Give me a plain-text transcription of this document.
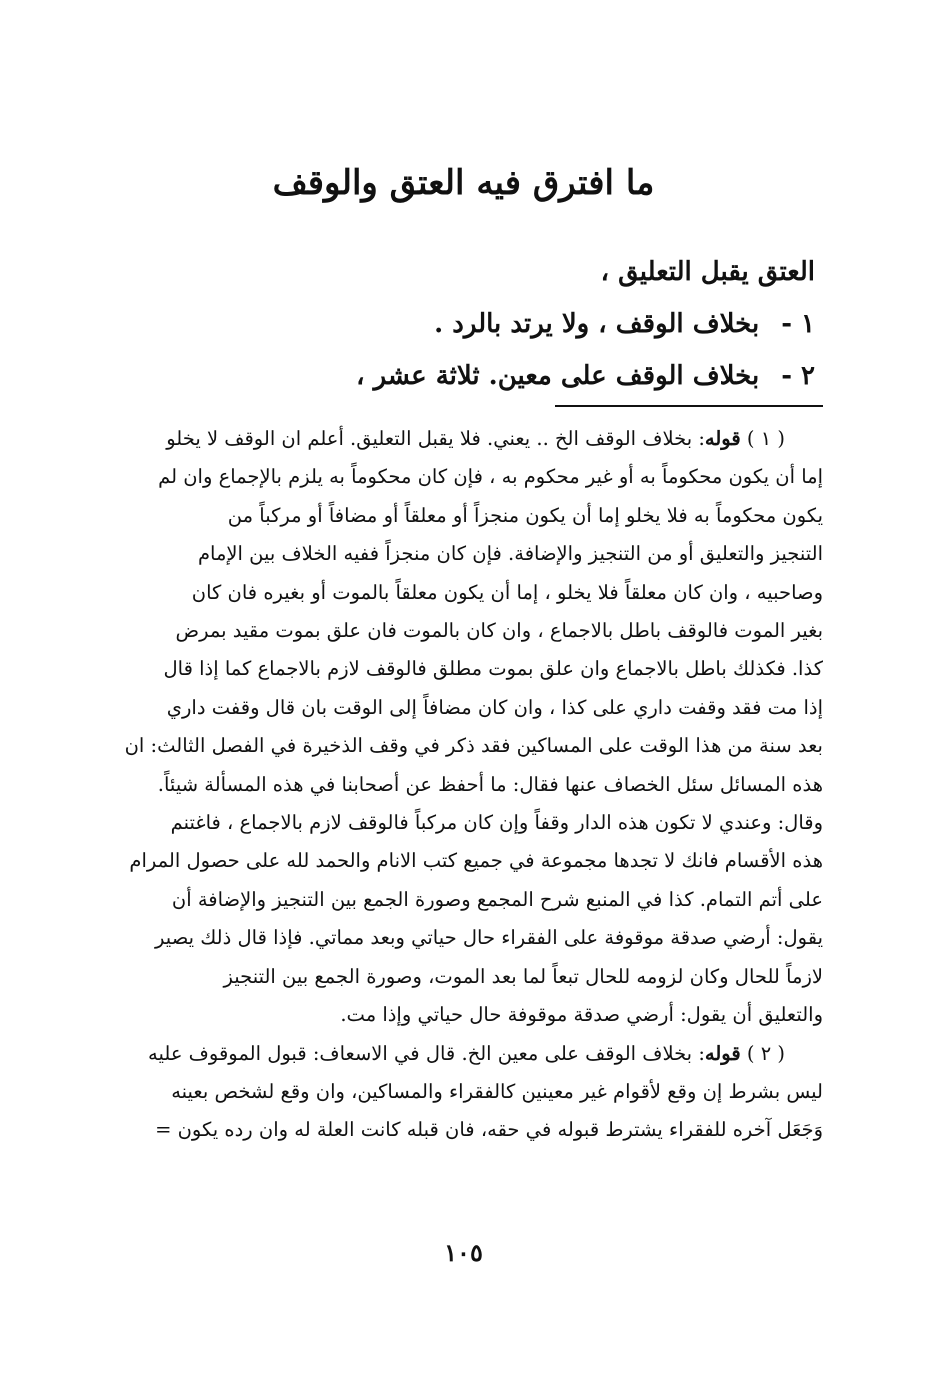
ما افترق فيه العتق والوقف
العتق يقبل التعليق ،
١ -بخلاف الوقف ، ولا يرتد بالرد .
٢ -بخلاف الوقف على معين. ثلاثة عشر ،
( ١ ) قوله: بخلاف الوقف الخ .. يعني. فلا يقبل التعليق. أعلم ان الوقف لا يخلو
إما أن يكون محكوماً به أو غير محكوم به ، فإن كان محكوماً به يلزم بالإجماع وان لم
يكون محكوماً به فلا يخلو إما أن يكون منجزاً أو معلقاً أو مضافاً أو مركباً من
التنجيز والتعليق أو من التنجيز والإضافة. فإن كان منجزاً ففيه الخلاف بين الإمام
وصاحبيه ، وان كان معلقاً فلا يخلو ، إما أن يكون معلقاً بالموت أو بغيره فان كان
بغير الموت فالوقف باطل بالاجماع ، وان كان بالموت فان علق بموت مقيد بمرض
كذا. فكذلك باطل بالاجماع وان علق بموت مطلق فالوقف لازم بالاجماع كما إذا قال
إذا مت فقد وقفت داري على كذا ، وان كان مضافاً إلى الوقت بان قال وقفت داري
بعد سنة من هذا الوقت على المساكين فقد ذكر في وقف الذخيرة في الفصل الثالث: ان
هذه المسائل سئل الخصاف عنها فقال: ما أحفظ عن أصحابنا في هذه المسألة شيئاً.
وقال: وعندي لا تكون هذه الدار وقفاً وإن كان مركباً فالوقف لازم بالاجماع ، فاغتنم
هذه الأقسام فانك لا تجدها مجموعة في جميع كتب الانام والحمد لله على حصول المرام
على أتم التمام. كذا في المنبع شرح المجمع وصورة الجمع بين التنجيز والإضافة أن
يقول: أرضي صدقة موقوفة على الفقراء حال حياتي وبعد مماتي. فإذا قال ذلك يصير
لازماً للحال وكان لزومه للحال تبعاً لما بعد الموت، وصورة الجمع بين التنجيز
والتعليق أن يقول: أرضي صدقة موقوفة حال حياتي وإذا مت.
( ٢ ) قوله: بخلاف الوقف على معين الخ. قال في الاسعاف: قبول الموقوف عليه
ليس بشرط إن وقع لأقوام غير معينين كالفقراء والمساكين، وان وقع لشخص بعينه
وَجَعَل آخره للفقراء يشترط قبوله في حقه، فان قبله كانت العلة له وان رده يكون =
١٠٥
